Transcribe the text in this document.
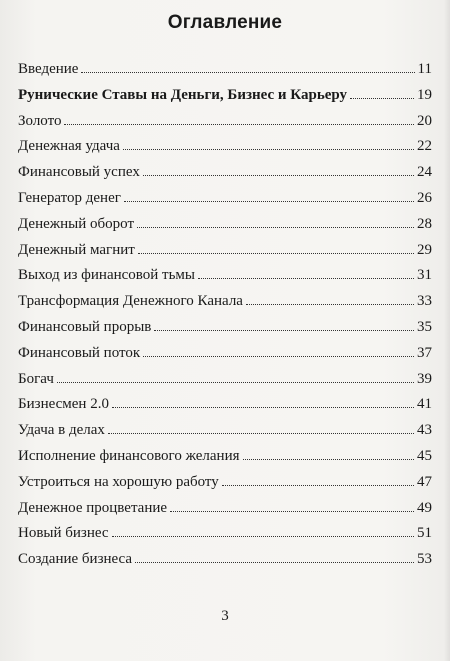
Оглавление
Введение	11
Рунические Ставы на Деньги, Бизнес и Карьеру	19
Золото	20
Денежная удача	22
Финансовый успех	24
Генератор денег	26
Денежный оборот	28
Денежный магнит	29
Выход из финансовой тьмы	31
Трансформация Денежного Канала	33
Финансовый прорыв	35
Финансовый поток	37
Богач	39
Бизнесмен 2.0	41
Удача в делах	43
Исполнение финансового желания	45
Устроиться на хорошую работу	47
Денежное процветание	49
Новый бизнес	51
Создание бизнеса	53
3
